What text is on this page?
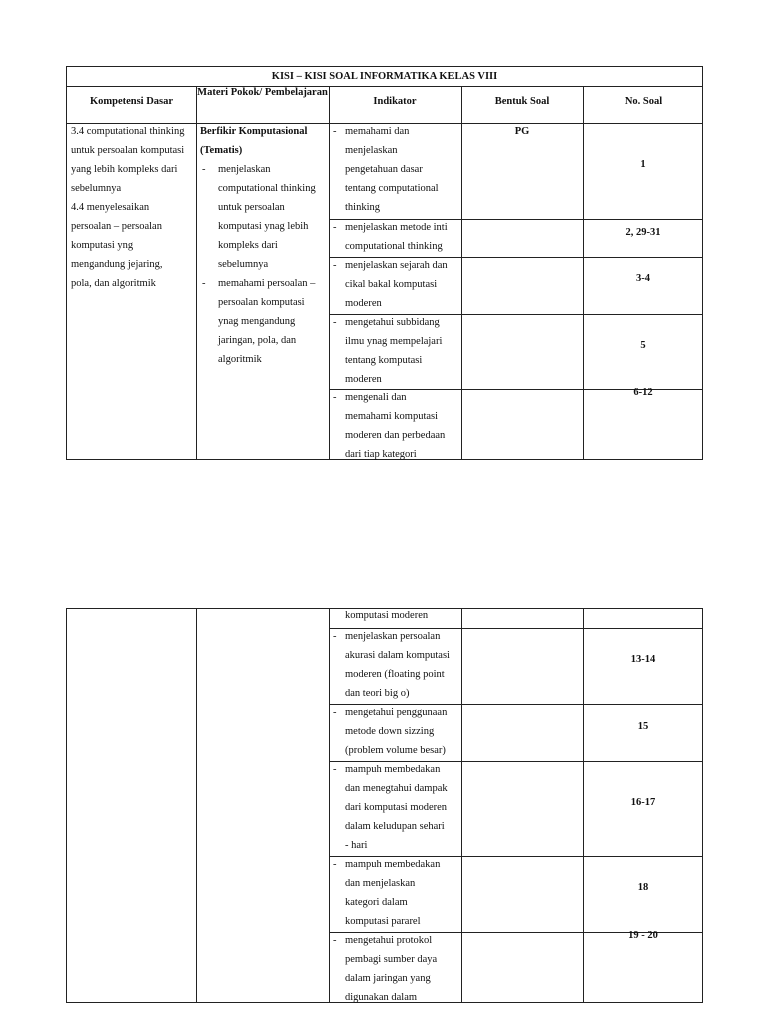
KISI – KISI SOAL INFORMATIKA KELAS VIII
Kompetensi Dasar
Materi Pokok/ Pembelajaran
Indikator	Bentuk Soal	No. Soal
3.4 computational thinking
untuk persoalan komputasi
yang lebih kompleks dari
sebelumnya
4.4 menyelesaikan
persoalan – persoalan
komputasi yng
mengandung jejaring,
pola, dan algoritmik
Berfikir Komputasional
(Tematis)
- menjelaskan
computational thinking
untuk persoalan
komputasi ynag lebih
kompleks dari
sebelumnya
- memahami persoalan –
persoalan komputasi
ynag mengandung
jaringan, pola, dan
algoritmik
PG
- memahami dan
menjelaskan
pengetahuan dasar
tentang computational
thinking
1
- menjelaskan metode inti
computational thinking
2, 29-31
- menjelaskan sejarah dan
cikal bakal komputasi
moderen
3-4
- mengetahui subbidang
ilmu ynag mempelajari
tentang komputasi
moderen
5
- mengenali dan
memahami komputasi
moderen dan perbedaan
dari tiap kategori
6-12
komputasi moderen
- menjelaskan persoalan
akurasi dalam komputasi
moderen (floating point
dan teori big o)
13-14
- mengetahui penggunaan
metode down sizzing
(problem volume besar)
15
- mampuh membedakan
dan menegtahui dampak
dari komputasi moderen
dalam keludupan sehari
- hari
16-17
- mampuh membedakan
dan menjelaskan
kategori dalam
komputasi pararel
18
- mengetahui protokol
pembagi sumber daya
dalam jaringan yang
digunakan dalam
19 - 20
